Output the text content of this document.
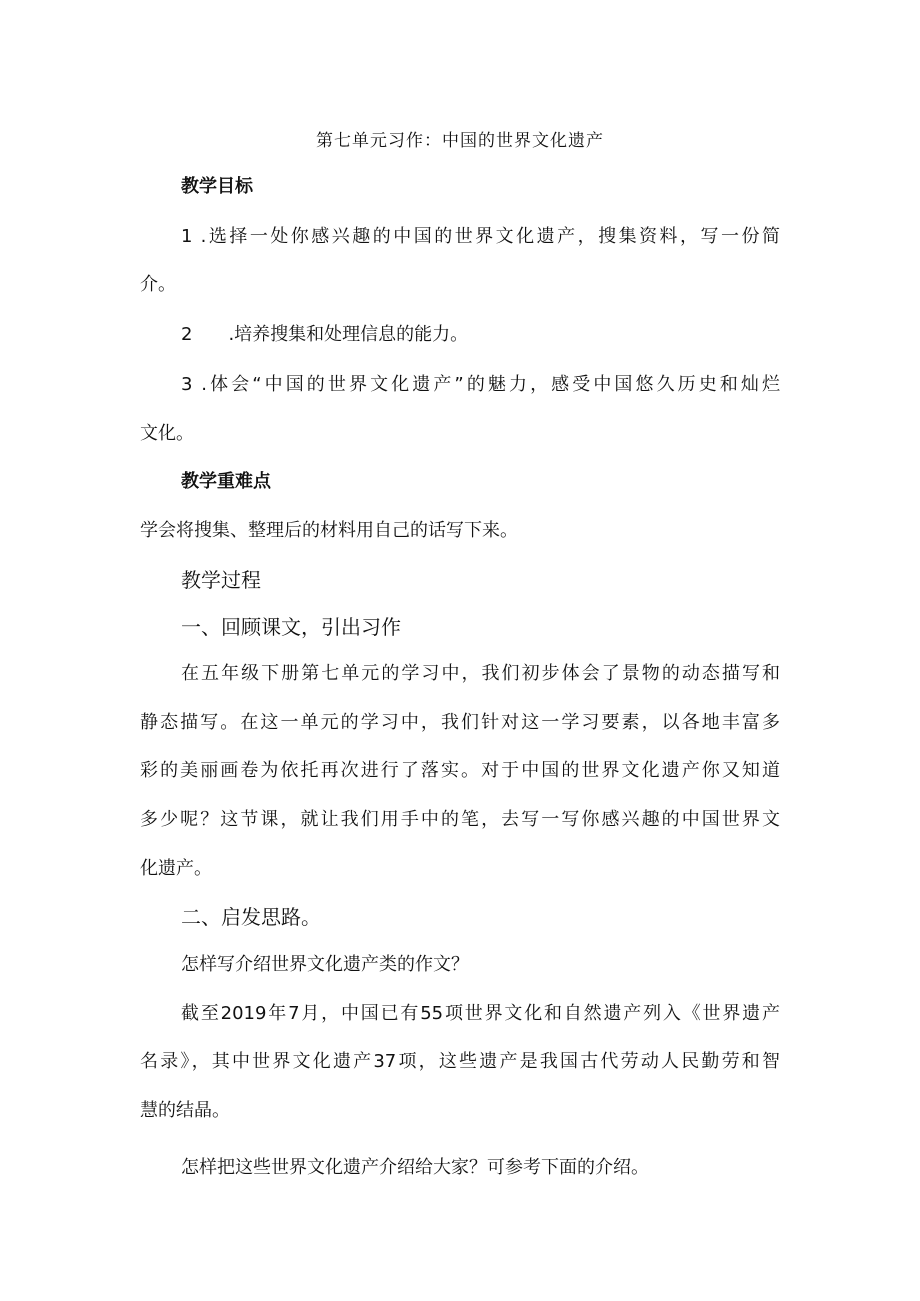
第七单元习作：中国的世界文化遗产
教学目标
1 .选择一处你感兴趣的中国的世界文化遗产，搜集资料，写一份简
介。
2　　.培养搜集和处理信息的能力。
3 .体会“中国的世界文化遗产”的魅力，感受中国悠久历史和灿烂
文化。
教学重难点
学会将搜集、整理后的材料用自己的话写下来。
教学过程
一、回顾课文，引出习作
在五年级下册第七单元的学习中，我们初步体会了景物的动态描写和
静态描写。在这一单元的学习中，我们针对这一学习要素，以各地丰富多
彩的美丽画卷为依托再次进行了落实。对于中国的世界文化遗产你又知道
多少呢？这节课，就让我们用手中的笔，去写一写你感兴趣的中国世界文
化遗产。
二、启发思路。
怎样写介绍世界文化遗产类的作文？
截至2019年7月，中国已有55项世界文化和自然遗产列入《世界遗产
名录》，其中世界文化遗产37项，这些遗产是我国古代劳动人民勤劳和智
慧的结晶。
怎样把这些世界文化遗产介绍给大家？可参考下面的介绍。
